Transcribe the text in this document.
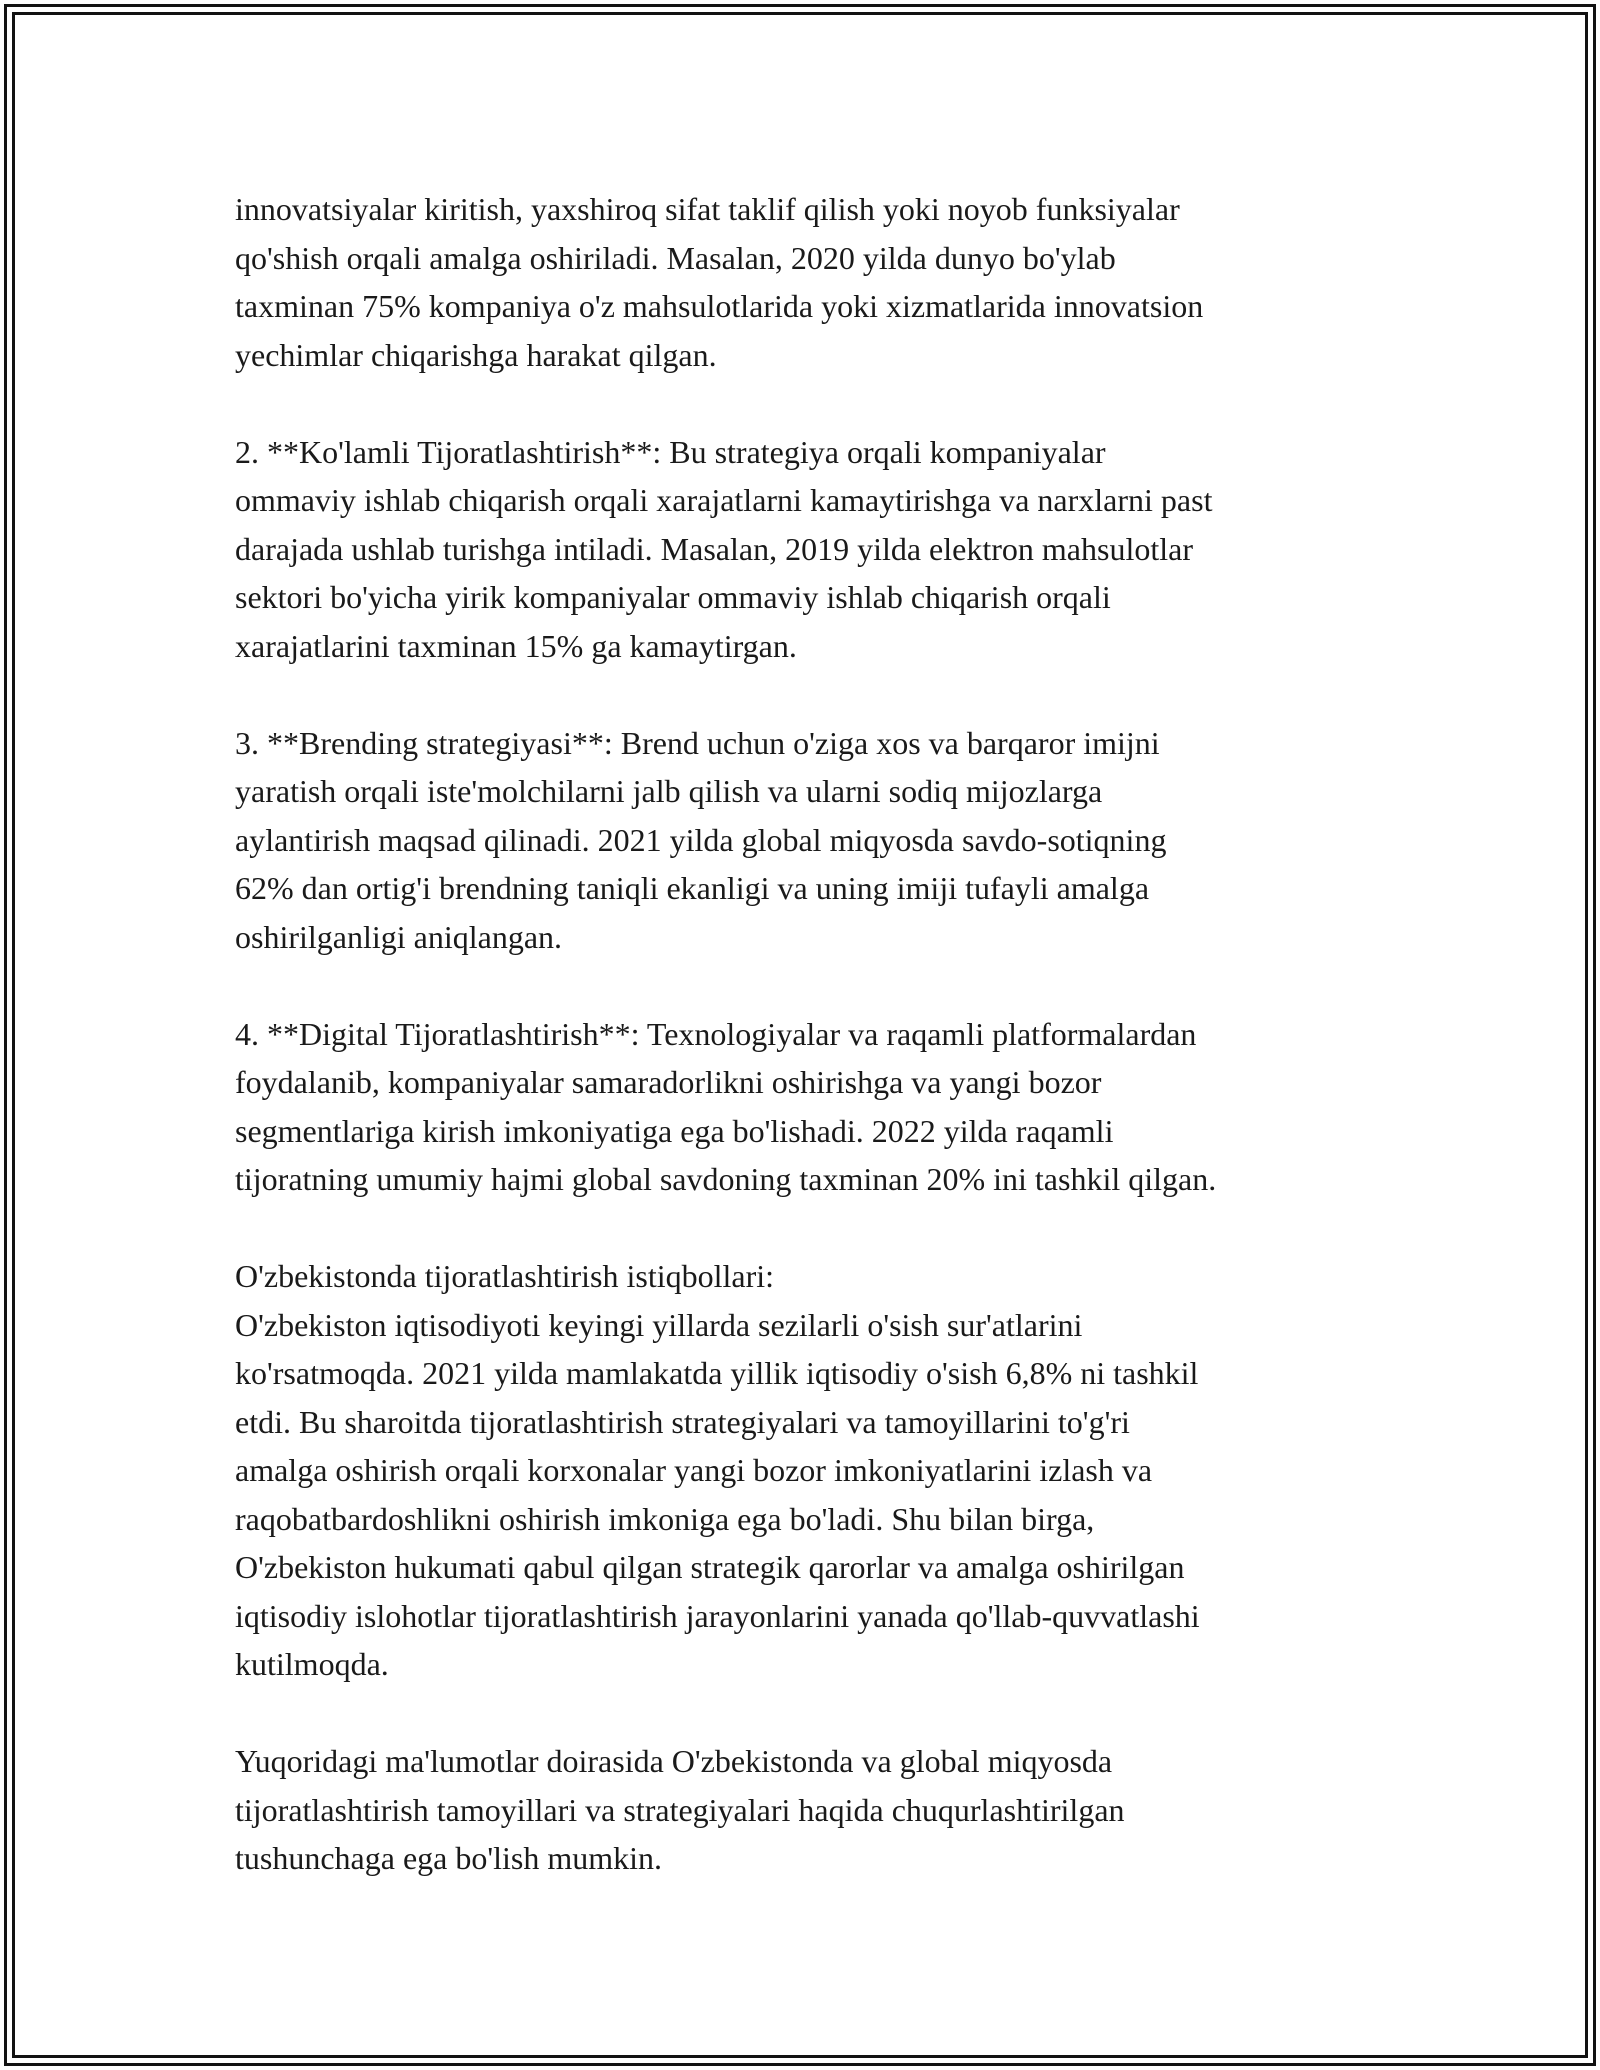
innovatsiyalar kiritish, yaxshiroq sifat taklif qilish yoki noyob funksiyalar
qo'shish orqali amalga oshiriladi. Masalan, 2020 yilda dunyo bo'ylab
taxminan 75% kompaniya o'z mahsulotlarida yoki xizmatlarida innovatsion
yechimlar chiqarishga harakat qilgan.

2. **Ko'lamli Tijoratlashtirish**: Bu strategiya orqali kompaniyalar
ommaviy ishlab chiqarish orqali xarajatlarni kamaytirishga va narxlarni past
darajada ushlab turishga intiladi. Masalan, 2019 yilda elektron mahsulotlar
sektori bo'yicha yirik kompaniyalar ommaviy ishlab chiqarish orqali
xarajatlarini taxminan 15% ga kamaytirgan.

3. **Brending strategiyasi**: Brend uchun o'ziga xos va barqaror imijni
yaratish orqali iste'molchilarni jalb qilish va ularni sodiq mijozlarga
aylantirish maqsad qilinadi. 2021 yilda global miqyosda savdo-sotiqning
62% dan ortig'i brendning taniqli ekanligi va uning imiji tufayli amalga
oshirilganligi aniqlangan.

4. **Digital Tijoratlashtirish**: Texnologiyalar va raqamli platformalardan
foydalanib, kompaniyalar samaradorlikni oshirishga va yangi bozor
segmentlariga kirish imkoniyatiga ega bo'lishadi. 2022 yilda raqamli
tijoratning umumiy hajmi global savdoning taxminan 20% ini tashkil qilgan.

O'zbekistonda tijoratlashtirish istiqbollari:
O'zbekiston iqtisodiyoti keyingi yillarda sezilarli o'sish sur'atlarini
ko'rsatmoqda. 2021 yilda mamlakatda yillik iqtisodiy o'sish 6,8% ni tashkil
etdi. Bu sharoitda tijoratlashtirish strategiyalari va tamoyillarini to'g'ri
amalga oshirish orqali korxonalar yangi bozor imkoniyatlarini izlash va
raqobatbardoshlikni oshirish imkoniga ega bo'ladi. Shu bilan birga,
O'zbekiston hukumati qabul qilgan strategik qarorlar va amalga oshirilgan
iqtisodiy islohotlar tijoratlashtirish jarayonlarini yanada qo'llab-quvvatlashi
kutilmoqda.

Yuqoridagi ma'lumotlar doirasida O'zbekistonda va global miqyosda
tijoratlashtirish tamoyillari va strategiyalari haqida chuqurlashtirilgan
tushunchaga ega bo'lish mumkin.
